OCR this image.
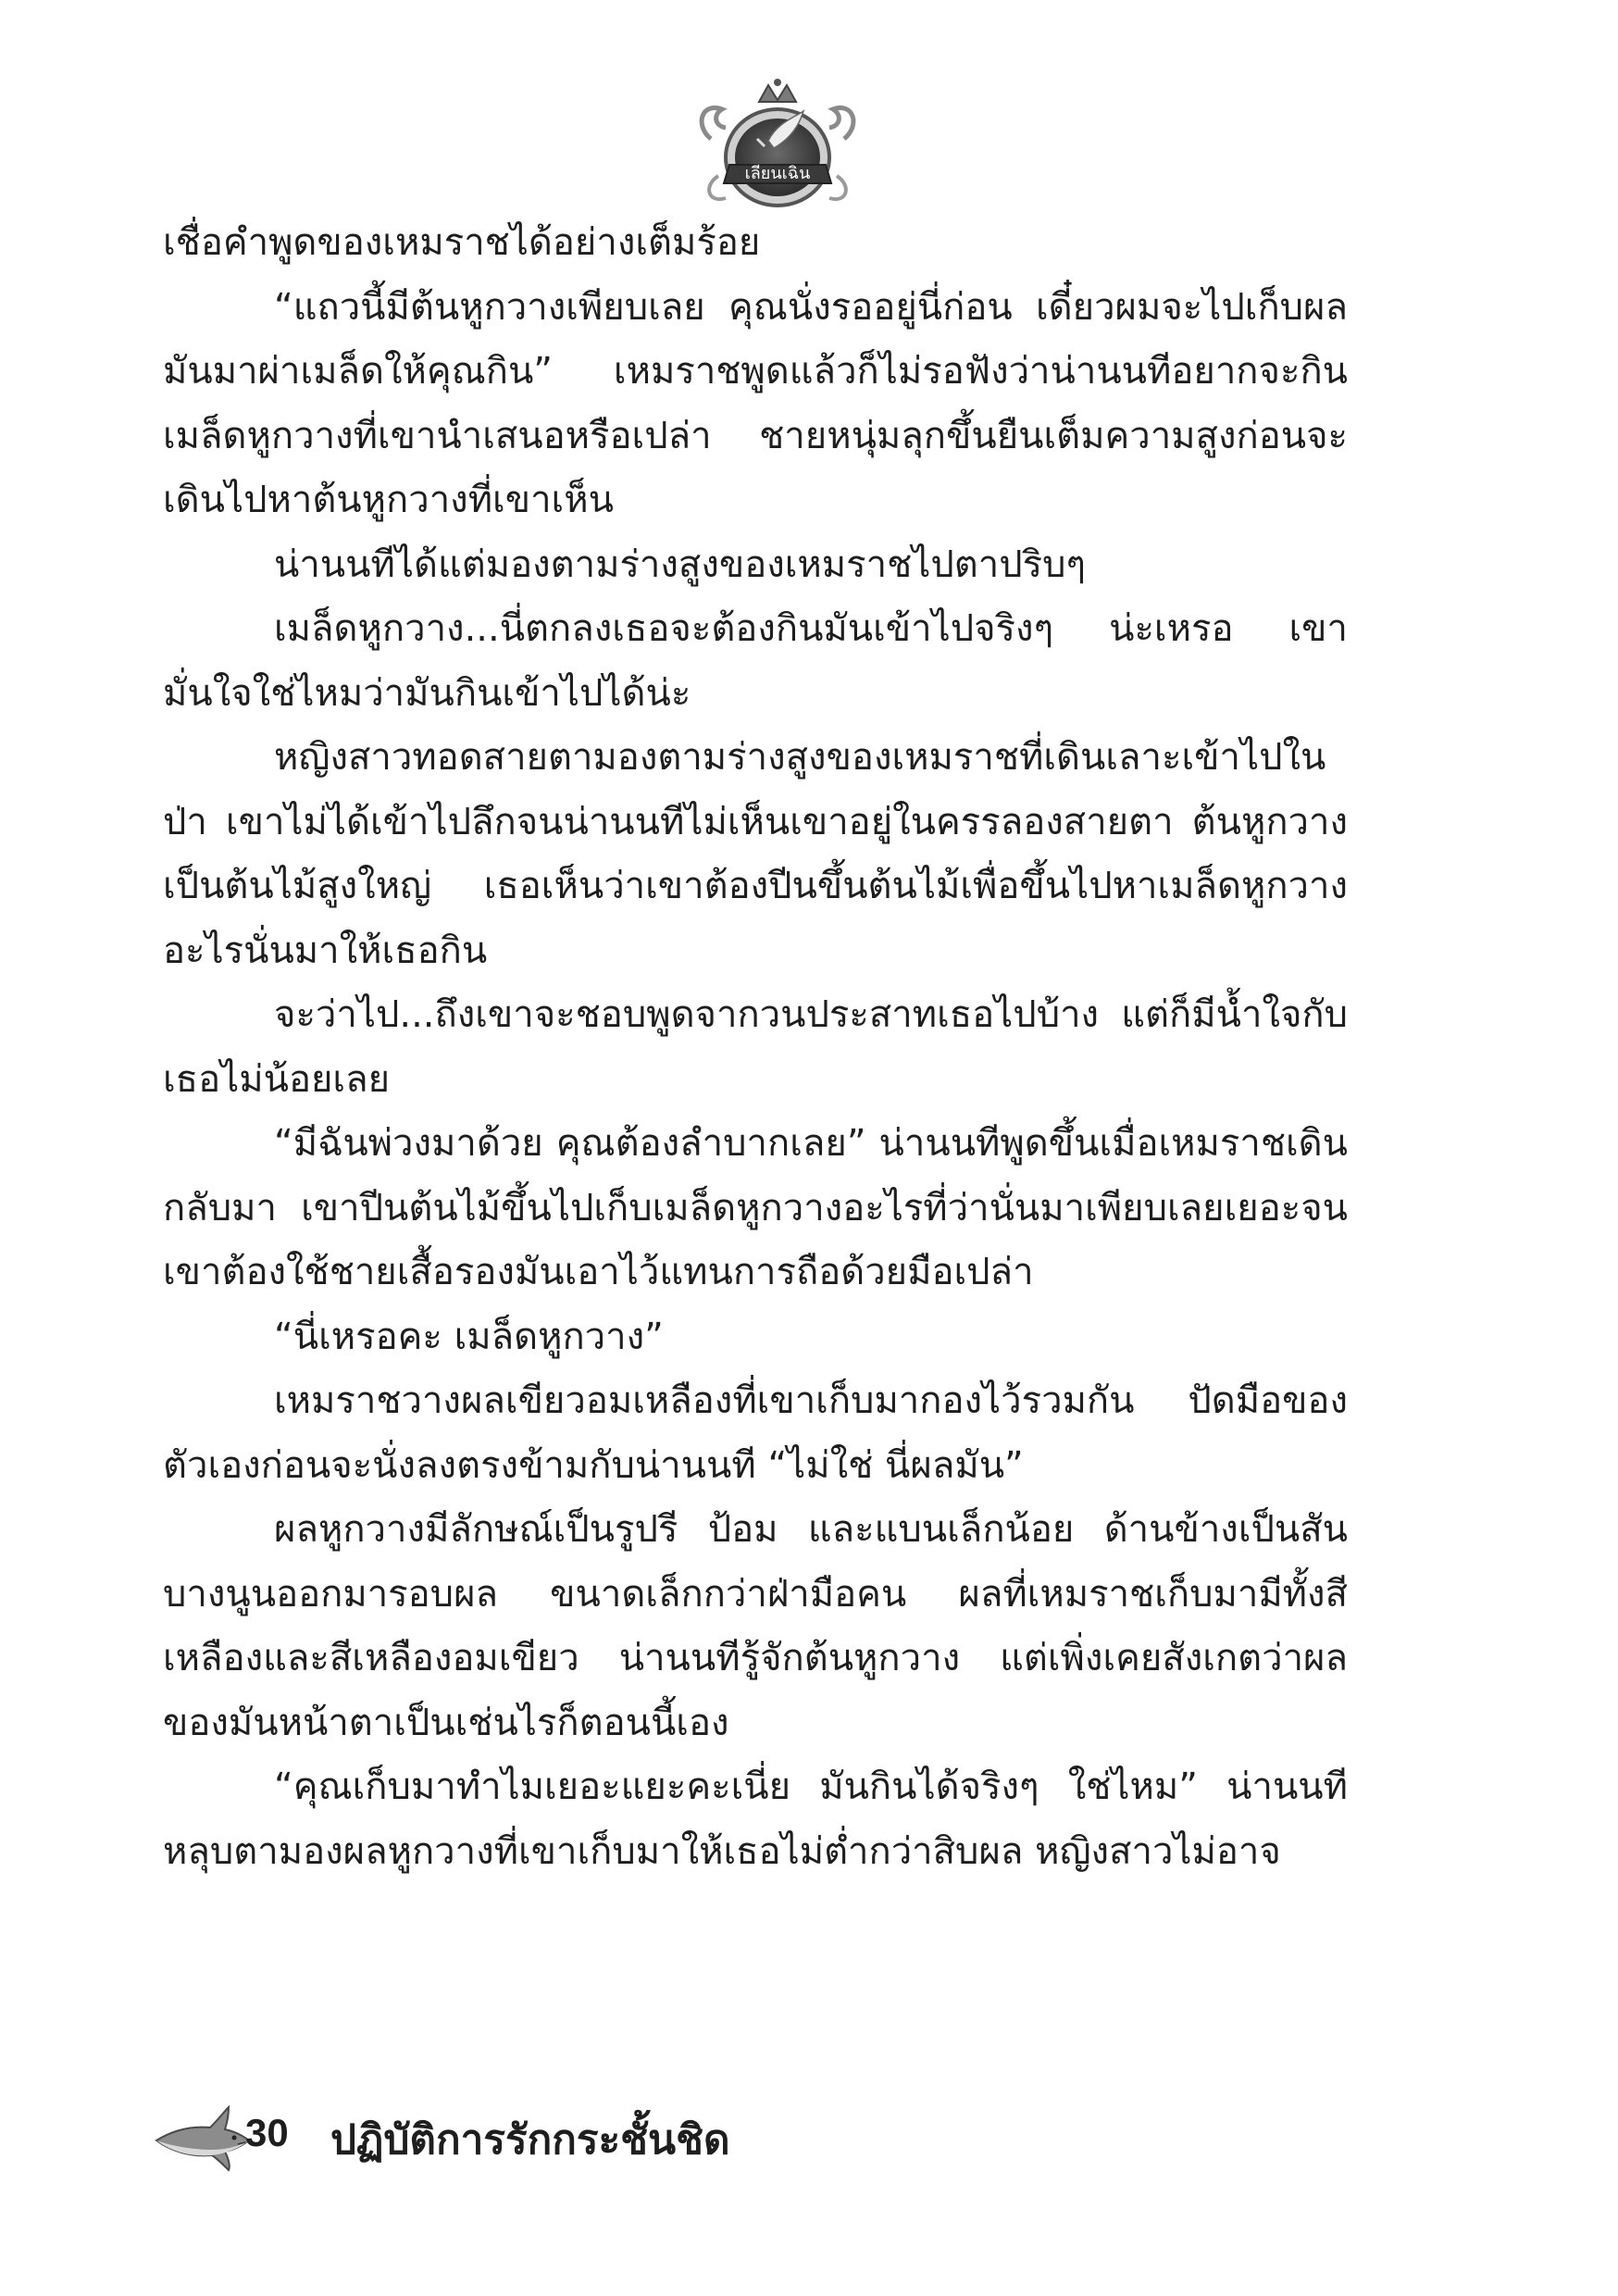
เลียนเฉิน

เชื่อคำพูดของเหมราชได้อย่างเต็มร้อย

“แถวนี้มีต้นหูกวางเพียบเลย คุณนั่งรออยู่นี่ก่อน เดี๋ยวผมจะไปเก็บผลมันมาผ่าเมล็ดให้คุณกิน” เหมราชพูดแล้วก็ไม่รอฟังว่าน่านนทีอยากจะกินเมล็ดหูกวางที่เขานำเสนอหรือเปล่า ชายหนุ่มลุกขึ้นยืนเต็มความสูงก่อนจะเดินไปหาต้นหูกวางที่เขาเห็น

น่านนทีได้แต่มองตามร่างสูงของเหมราชไปตาปริบๆ

เมล็ดหูกวาง...นี่ตกลงเธอจะต้องกินมันเข้าไปจริงๆ น่ะเหรอ เขามั่นใจใช่ไหมว่ามันกินเข้าไปได้น่ะ

หญิงสาวทอดสายตามองตามร่างสูงของเหมราชที่เดินเลาะเข้าไปในป่า เขาไม่ได้เข้าไปลึกจนน่านนทีไม่เห็นเขาอยู่ในครรลองสายตา ต้นหูกวางเป็นต้นไม้สูงใหญ่ เธอเห็นว่าเขาต้องปีนขึ้นต้นไม้เพื่อขึ้นไปหาเมล็ดหูกวางอะไรนั่นมาให้เธอกิน

จะว่าไป...ถึงเขาจะชอบพูดจากวนประสาทเธอไปบ้าง แต่ก็มีน้ำใจกับเธอไม่น้อยเลย

“มีฉันพ่วงมาด้วย คุณต้องลำบากเลย” น่านนทีพูดขึ้นเมื่อเหมราชเดินกลับมา เขาปีนต้นไม้ขึ้นไปเก็บเมล็ดหูกวางอะไรที่ว่านั่นมาเพียบเลยเยอะจนเขาต้องใช้ชายเสื้อรองมันเอาไว้แทนการถือด้วยมือเปล่า

“นี่เหรอคะ เมล็ดหูกวาง”

เหมราชวางผลเขียวอมเหลืองที่เขาเก็บมากองไว้รวมกัน ปัดมือของตัวเองก่อนจะนั่งลงตรงข้ามกับน่านนที “ไม่ใช่ นี่ผลมัน”

ผลหูกวางมีลักษณ์เป็นรูปรี ป้อม และแบนเล็กน้อย ด้านข้างเป็นสันบางนูนออกมารอบผล ขนาดเล็กกว่าฝ่ามือคน ผลที่เหมราชเก็บมามีทั้งสีเหลืองและสีเหลืองอมเขียว น่านนทีรู้จักต้นหูกวาง แต่เพิ่งเคยสังเกตว่าผลของมันหน้าตาเป็นเช่นไรก็ตอนนี้เอง

“คุณเก็บมาทำไมเยอะแยะคะเนี่ย มันกินได้จริงๆ ใช่ไหม” น่านนทีหลุบตามองผลหูกวางที่เขาเก็บมาให้เธอไม่ต่ำกว่าสิบผล หญิงสาวไม่อาจ

30 ปฏิบัติการรักกระชั้นชิด
